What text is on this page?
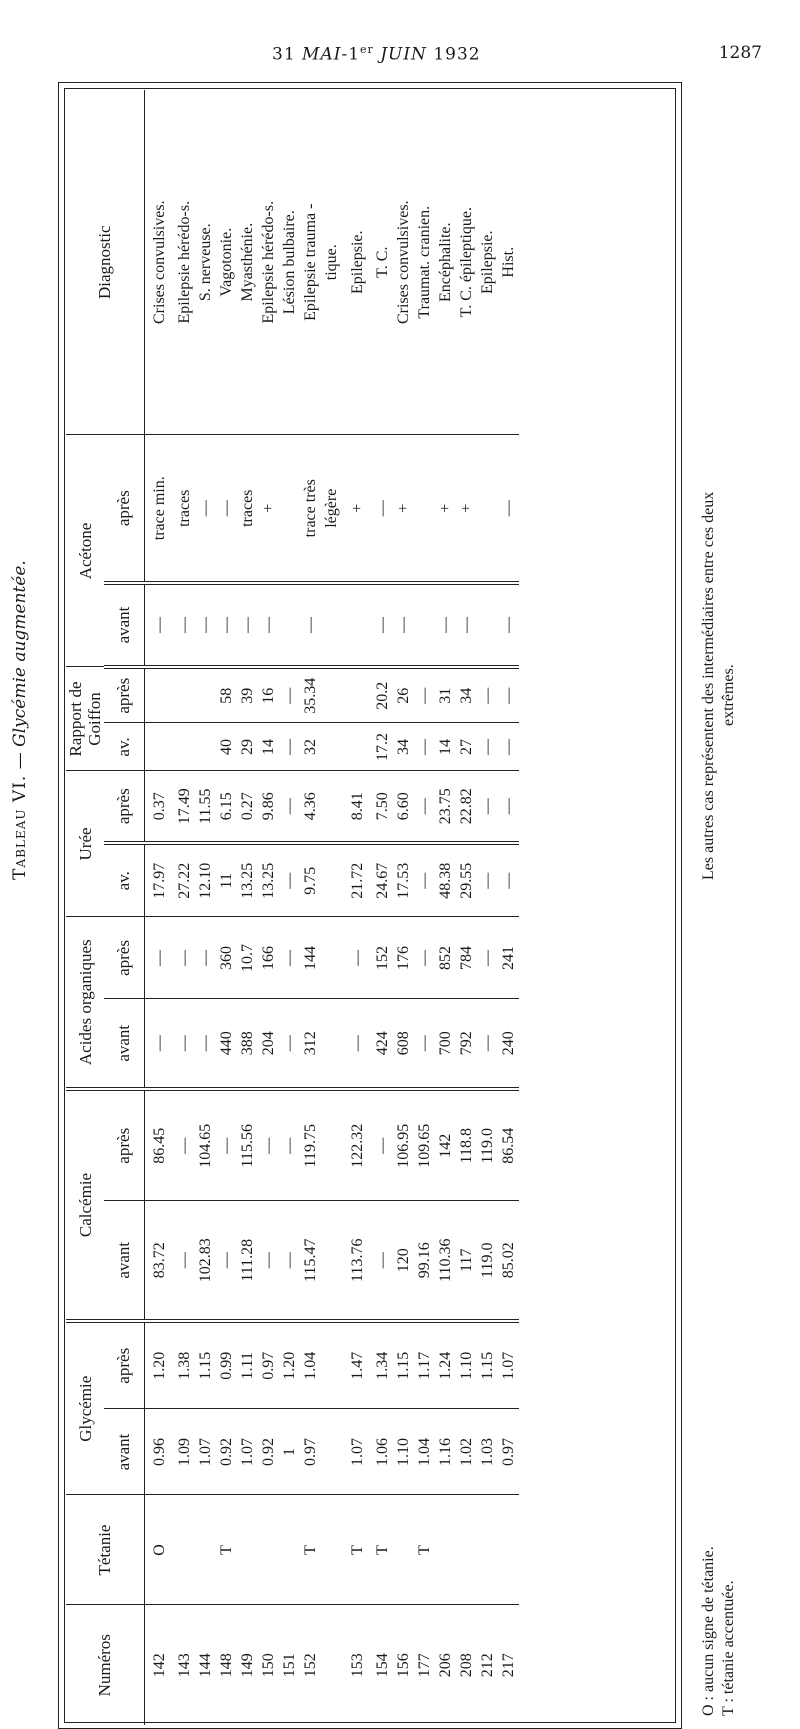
31 MAI-1er JUIN 1932	1287
Tableau VI. — Glycémie augmentée.
Numéros	Tétanie	Glycémie		Calcémie		Acides organiques		Urée		Rapport de Goiffon		Acétone		Diagnostic
		avant	après	avant	après	avant	après	av.	après	av.	après	avant	après	
142	O	0.96	1.20	83.72	86.45	—	—	17.97	0.37			—	trace min.	Crises convulsives.
143		1.09	1.38	—	—	—	—	27.22	17.49			—	traces	Epilepsie hérédo-s.
144		1.07	1.15	102.83	104.65	—	—	12.10	11.55			—	—	S. nerveuse.
148	T	0.92	0.99	—	—	440	360	11	6.15	40	58	—	—	Vagotonie.
149		1.07	1.11	111.28	115.56	388	10.7	13.25	0.27	29	39	—	traces	Myasthénie.
150		0.92	0.97	—	—	204	166	13.25	9.86	14	16	—	+	Epilepsie hérédo-s.
151		1	1.20	—	—	—	—	—	—	—	—			Lésion bulbaire.
152	T	0.97	1.04	115.47	119.75	312	144	9.75	4.36	32	35.34	—	trace très	Epilepsie trauma -
													légère	tique.
153	T	1.07	1.47	113.76	122.32	—	—	21.72	8.41				+	Epilepsie.
154	T	1.06	1.34	—	—	424	152	24.67	7.50	17.2	20.2	—	—	T. C.
156		1.10	1.15	120	106.95	608	176	17.53	6.60	34	26	—	+	Crises convulsives.
177	T	1.04	1.17	99.16	109.65	—	—	—	—	—	—			Traumat. cranien.
206		1.16	1.24	110.36	142	700	852	48.38	23.75	14	31	—	+	Encéphalite.
208		1.02	1.10	117	118.8	792	784	29.55	22.82	27	34	—	+	T. C. épileptique.
212		1.03	1.15	119.0	119.0	—	—	—	—	—	—			Epilepsie.
217		0.97	1.07	85.02	86.54	240	241	—	—	—	—	—	—	Hist.
O : aucun signe de tétanie. T : tétanie accentuée.
Les autres cas représentent des intermédiaires entre ces deux extrêmes.
